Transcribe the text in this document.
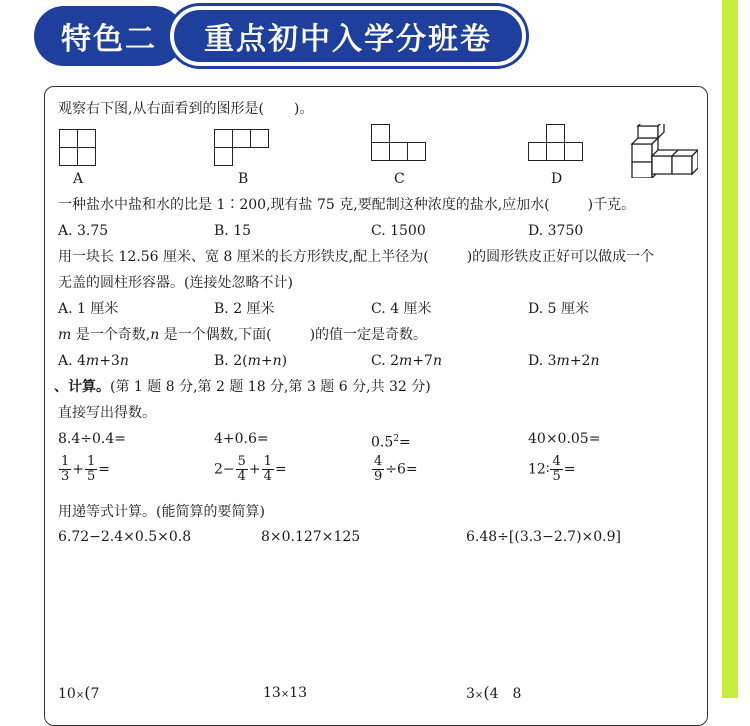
特色二	重点初中入学分班卷
观察右下图,从右面看到的图形是( )。
A	B	C	D
一种盐水中盐和水的比是 1∶200,现有盐 75 克,要配制这种浓度的盐水,应加水(	)千克。
A. 3.75	B. 15	C. 1500	D. 3750
用一块长 12.56 厘米、宽 8 厘米的长方形铁皮,配上半径为(	)的圆形铁皮正好可以做成一个
无盖的圆柱形容器。(连接处忽略不计)
A. 1 厘米	B. 2 厘米	C. 4 厘米	D. 5 厘米
m 是一个奇数,n 是一个偶数,下面(	)的值一定是奇数。
A. 4m+3n	B. 2(m+n)	C. 2m+7n	D. 3m+2n
、计算。(第 1 题 8 分,第 2 题 18 分,第 3 题 6 分,共 32 分)
直接写出得数。
8.4÷0.4=	4+0.6=	$0.5^2=$	40×0.05=
$\frac{1}{3} + \frac{1}{5}$ =	$2- \frac{5}{4} + \frac{1}{4}$ =	$\frac{4}{9} \div 6=$	12∶ $\frac{4}{5}$ =
用递等式计算。(能简算的要简算)
6.72−2.4×0.5×0.8	8×0.127×125	6.48÷[(3.3−2.7)×0.9]
10×(7	13×13	3×(4 8
